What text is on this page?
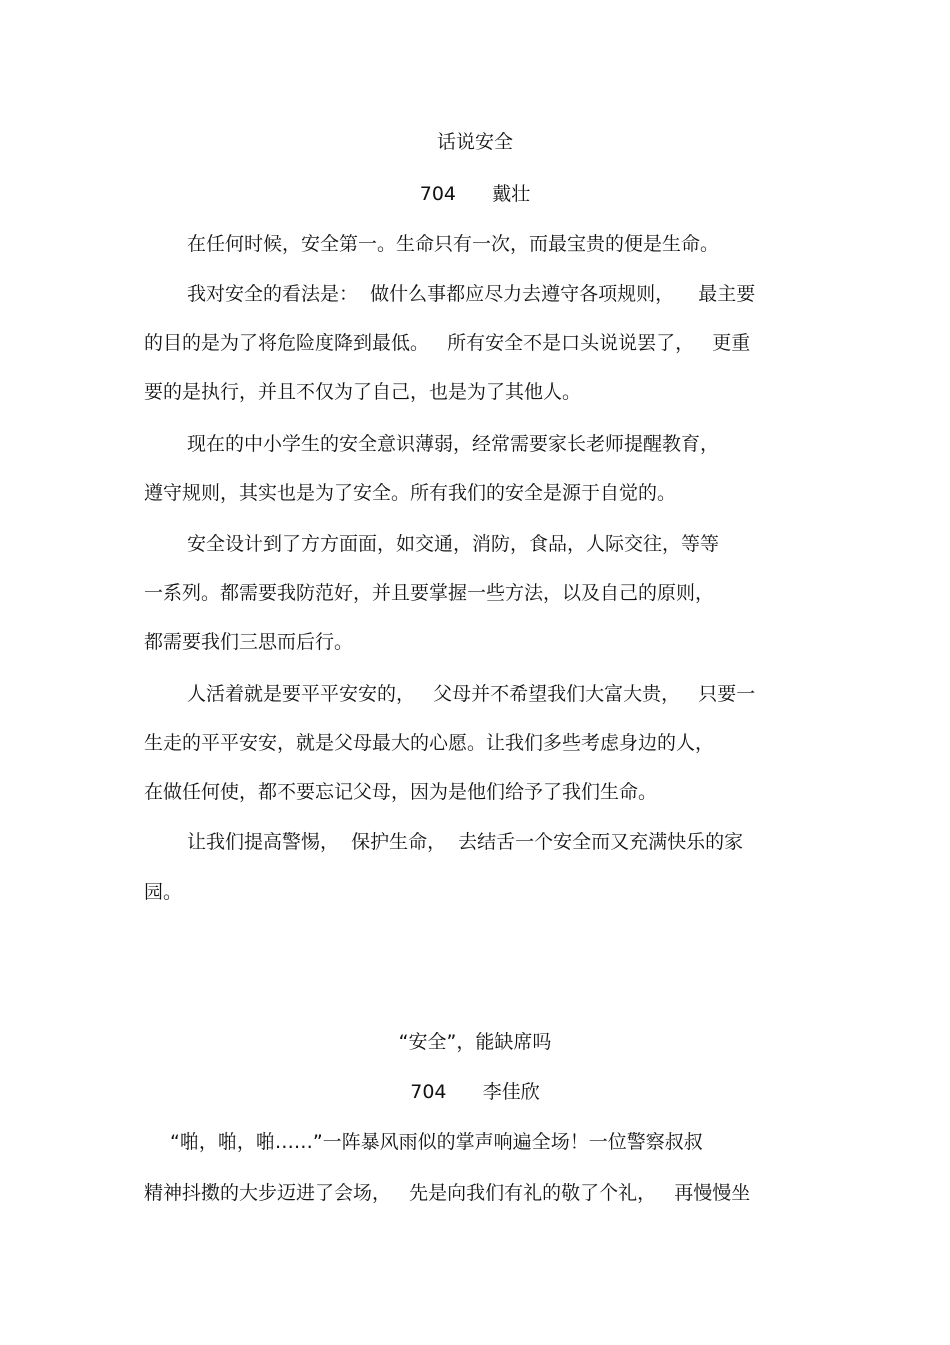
话说安全
704      戴壮
在任何时候，安全第一。生命只有一次，而最宝贵的便是生命。
我对安全的看法是：  做什么事都应尽力去遵守各项规则，    最主要
的目的是为了将危险度降到最低。   所有安全不是口头说说罢了，   更重
要的是执行，并且不仅为了自己，也是为了其他人。
现在的中小学生的安全意识薄弱，经常需要家长老师提醒教育，
遵守规则，其实也是为了安全。所有我们的安全是源于自觉的。
安全设计到了方方面面，如交通，消防，食品，人际交往，等等
一系列。都需要我防范好，并且要掌握一些方法，以及自己的原则，
都需要我们三思而后行。
人活着就是要平平安安的，   父母并不希望我们大富大贵，   只要一
生走的平平安安，就是父母最大的心愿。让我们多些考虑身边的人，
在做任何使，都不要忘记父母，因为是他们给予了我们生命。
让我们提高警惕，  保护生命，  去结舌一个安全而又充满快乐的家
园。
“安全”，能缺席吗
704      李佳欣
“啪，啪，啪……”一阵暴风雨似的掌声响遍全场！一位警察叔叔
精神抖擞的大步迈进了会场，   先是向我们有礼的敬了个礼，   再慢慢坐
